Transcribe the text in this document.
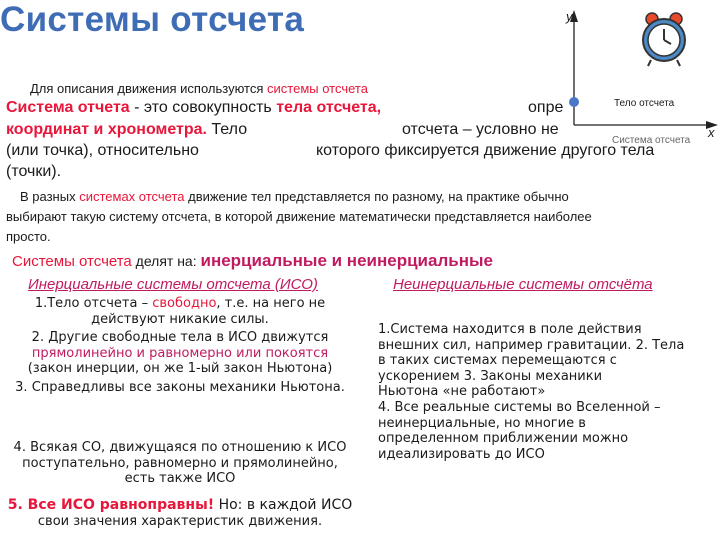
Системы отсчета	y
x
Тело отсчета
Система отсчета
Для описания движения используются системы отсчета
Система отчета - это совокупность тела отсчета,	опре
координат и хронометра. Тело	отсчета – условно не
(или точка), относительно	которого фиксируется движение другого тела
(точки).
В разных системах отсчета движение тел представляется по разному, на практике обычно
выбирают такую систему отсчета, в которой движение математически представляется наиболее
просто.
Системы отсчета делят на: инерциальные и неинерциальные
Инерциальные системы отсчета (ИСО)
1.Тело отсчета – свободно, т.е. на него не
действуют никакие силы.
2. Другие свободные тела в ИСО движутся
прямолинейно и равномерно или покоятся
(закон инерции, он же 1-ый закон Ньютона)
3. Справедливы все законы механики Ньютона.
4. Всякая СО, движущаяся по отношению к ИСО
поступательно, равномерно и прямолинейно,
есть также ИСО
5. Все ИСО равноправны! Но: в каждой ИСО
свои значения характеристик движения.
Неинерциальные системы отсчёта
1.Система находится в поле действия
внешних сил, например гравитации. 2. Тела
в таких системах перемещаются с
ускорением 3. Законы механики
Ньютона «не работают»
4. Все реальные системы во Вселенной –
неинерциальные, но многие в
определенном приближении можно
идеализировать до ИСО
